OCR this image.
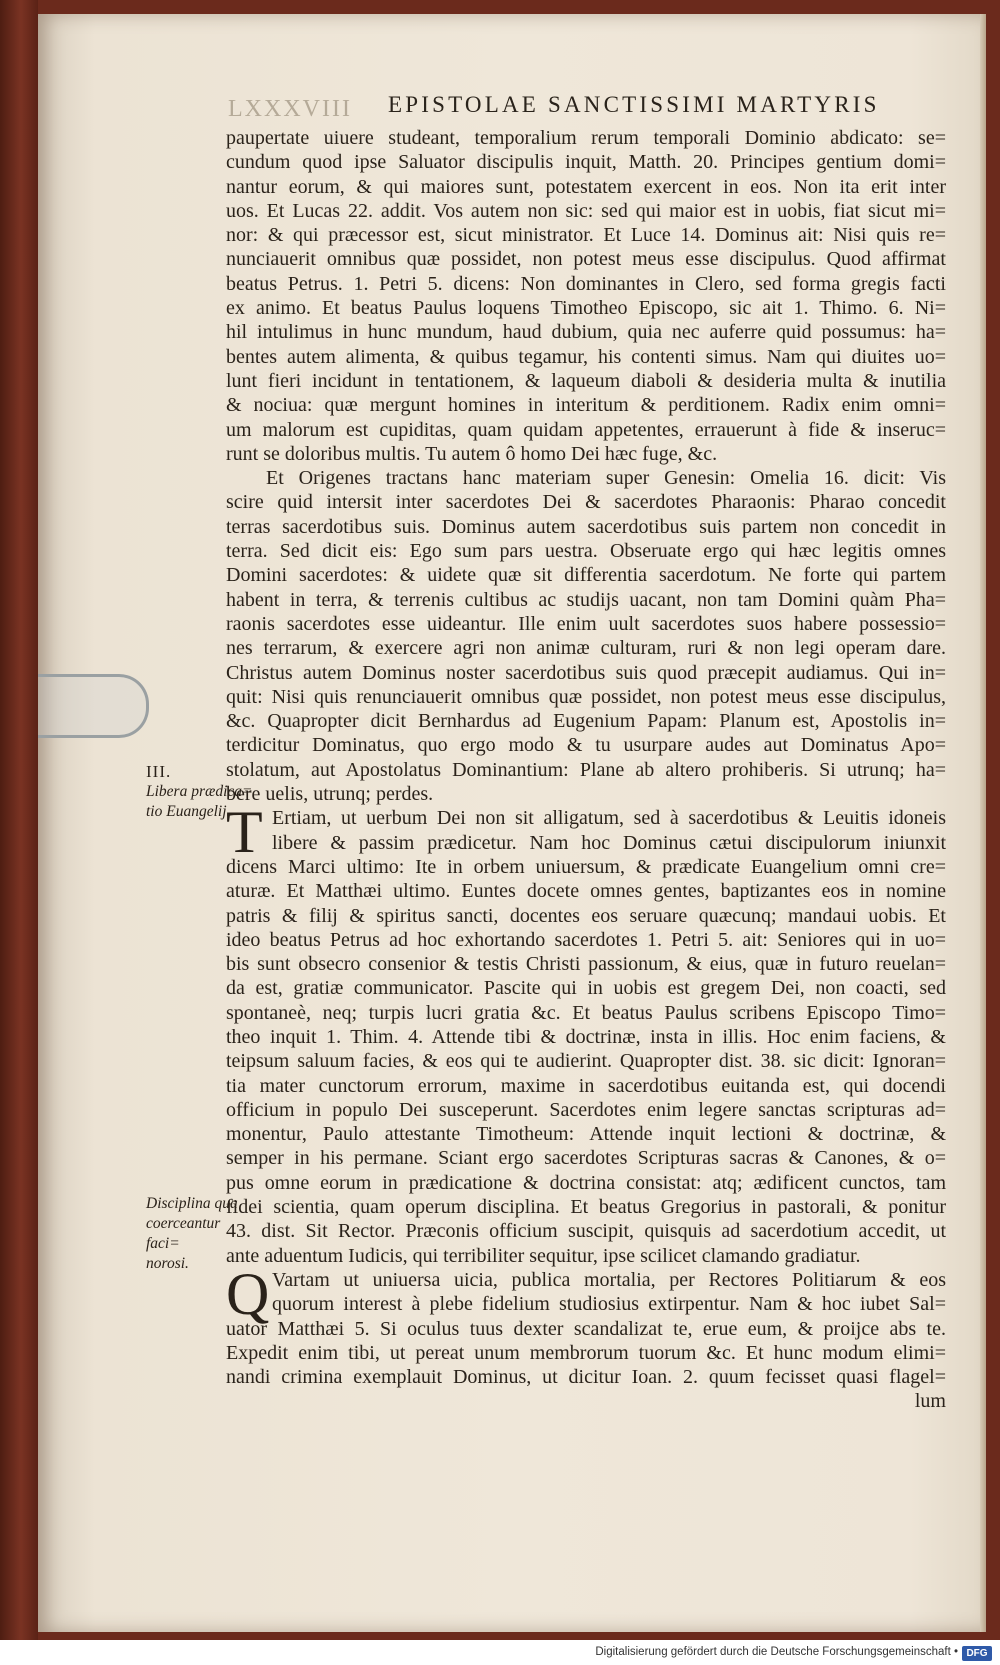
LXXXVIII EPISTOLAE SANCTISSIMI MARTYRIS
III.
Libera prædica=
tio Euangelij.
Disciplina qua
coerceantur faci=
norosi.
paupertate uiuere studeant, temporalium rerum temporali Dominio abdicato: se=
cundum quod ipse Saluator discipulis inquit, Matth. 20. Principes gentium domi=
nantur eorum, & qui maiores sunt, potestatem exercent in eos. Non ita erit inter
uos. Et Lucas 22. addit. Vos autem non sic: sed qui maior est in uobis, fiat sicut mi=
nor: & qui præcessor est, sicut ministrator. Et Luce 14. Dominus ait: Nisi quis re=
nunciauerit omnibus quæ possidet, non potest meus esse discipulus. Quod affirmat
beatus Petrus. 1. Petri 5. dicens: Non dominantes in Clero, sed forma gregis facti
ex animo. Et beatus Paulus loquens Timotheo Episcopo, sic ait 1. Thimo. 6. Ni=
hil intulimus in hunc mundum, haud dubium, quia nec auferre quid possumus: ha=
bentes autem alimenta, & quibus tegamur, his contenti simus. Nam qui diuites uo=
lunt fieri incidunt in tentationem, & laqueum diaboli & desideria multa & inutilia
& nociua: quæ mergunt homines in interitum & perditionem. Radix enim omni=
um malorum est cupiditas, quam quidam appetentes, errauerunt à fide & inseruc=
runt se doloribus multis. Tu autem ô homo Dei hæc fuge, &c.
Et Origenes tractans hanc materiam super Genesin: Omelia 16. dicit: Vis
scire quid intersit inter sacerdotes Dei & sacerdotes Pharaonis: Pharao concedit
terras sacerdotibus suis. Dominus autem sacerdotibus suis partem non concedit in
terra. Sed dicit eis: Ego sum pars uestra. Obseruate ergo qui hæc legitis omnes
Domini sacerdotes: & uidete quæ sit differentia sacerdotum. Ne forte qui partem
habent in terra, & terrenis cultibus ac studijs uacant, non tam Domini quàm Pha=
raonis sacerdotes esse uideantur. Ille enim uult sacerdotes suos habere possessio=
nes terrarum, & exercere agri non animæ culturam, ruri & non legi operam dare.
Christus autem Dominus noster sacerdotibus suis quod præcepit audiamus. Qui in=
quit: Nisi quis renunciauerit omnibus quæ possidet, non potest meus esse discipulus,
&c. Quapropter dicit Bernhardus ad Eugenium Papam: Planum est, Apostolis in=
terdicitur Dominatus, quo ergo modo & tu usurpare audes aut Dominatus Apo=
stolatum, aut Apostolatus Dominantium: Plane ab altero prohiberis. Si utrunq; ha=
bere uelis, utrunq; perdes.
T Ertiam, ut uerbum Dei non sit alligatum, sed à sacerdotibus & Leuitis idoneis
libere & passim prædicetur. Nam hoc Dominus cætui discipulorum iniunxit
dicens Marci ultimo: Ite in orbem uniuersum, & prædicate Euangelium omni cre=
aturæ. Et Matthæi ultimo. Euntes docete omnes gentes, baptizantes eos in nomine
patris & filij & spiritus sancti, docentes eos seruare quæcunq; mandaui uobis. Et
ideo beatus Petrus ad hoc exhortando sacerdotes 1. Petri 5. ait: Seniores qui in uo=
bis sunt obsecro consenior & testis Christi passionum, & eius, quæ in futuro reuelan=
da est, gratiæ communicator. Pascite qui in uobis est gregem Dei, non coacti, sed
spontaneè, neq; turpis lucri gratia &c. Et beatus Paulus scribens Episcopo Timo=
theo inquit 1. Thim. 4. Attende tibi & doctrinæ, insta in illis. Hoc enim faciens, &
teipsum saluum facies, & eos qui te audierint. Quapropter dist. 38. sic dicit: Ignoran=
tia mater cunctorum errorum, maxime in sacerdotibus euitanda est, qui docendi
officium in populo Dei susceperunt. Sacerdotes enim legere sanctas scripturas ad=
monentur, Paulo attestante Timotheum: Attende inquit lectioni & doctrinæ, &
semper in his permane. Sciant ergo sacerdotes Scripturas sacras & Canones, & o=
pus omne eorum in prædicatione & doctrina consistat: atq; ædificent cunctos, tam
fidei scientia, quam operum disciplina. Et beatus Gregorius in pastorali, & ponitur
43. dist. Sit Rector. Præconis officium suscipit, quisquis ad sacerdotium accedit, ut
ante aduentum Iudicis, qui terribiliter sequitur, ipse scilicet clamando gradiatur.
Q Vartam ut uniuersa uicia, publica mortalia, per Rectores Politiarum & eos
quorum interest à plebe fidelium studiosius extirpentur. Nam & hoc iubet Sal=
uator Matthæi 5. Si oculus tuus dexter scandalizat te, erue eum, & proijce abs te.
Expedit enim tibi, ut pereat unum membrorum tuorum &c. Et hunc modum elimi=
nandi crimina exemplauit Dominus, ut dicitur Ioan. 2. quum fecisset quasi flagel=
lum
Digitalisierung gefördert durch die Deutsche Forschungsgemeinschaft • DFG
